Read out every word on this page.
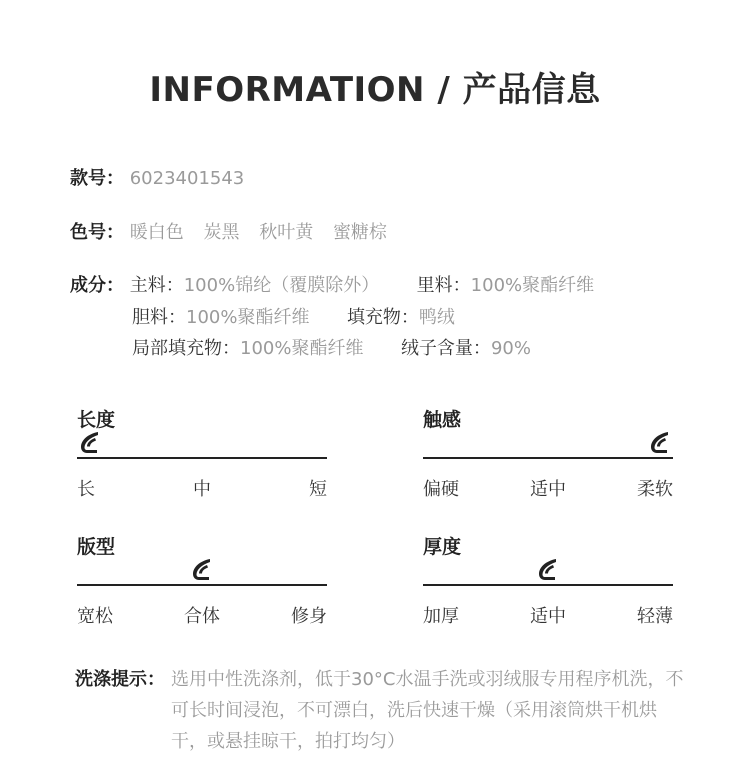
INFORMATION / 产品信息
款号： 6023401543
色号： 暖白色 炭黑 秋叶黄 蜜糖棕
成分： 主料：100%锦纶（覆膜除外） 里料：100%聚酯纤维
胆料：100%聚酯纤维 填充物：鸭绒
局部填充物：100%聚酯纤维 绒子含量：90%
长度
长	中	短
触感
偏硬	适中	柔软
版型
宽松	合体	修身
厚度
加厚	适中	轻薄
洗涤提示： 选用中性洗涤剂，低于30°C水温手洗或羽绒服专用程序机洗，不可长时间浸泡，不可漂白，洗后快速干燥（采用滚筒烘干机烘干，或悬挂晾干，拍打均匀）
